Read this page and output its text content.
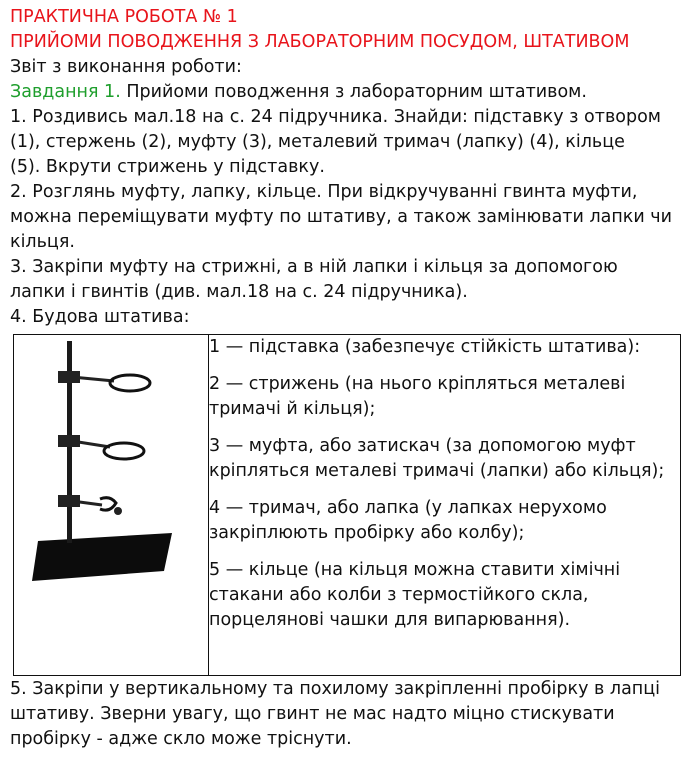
ПРАКТИЧНА РОБОТА № 1
ПРИЙОМИ ПОВОДЖЕННЯ З ЛАБОРАТОРНИМ ПОСУДОМ, ШТАТИВОМ
Звіт з виконання роботи:
Завдання 1. Прийоми поводження з лабораторним штативом.
1. Роздивись мал.18 на с. 24 підручника. Знайди: підставку з отвором
(1), стержень (2), муфту (3), металевий тримач (лапку) (4), кільце
(5). Вкрути стрижень у підставку.
2. Розглянь муфту, лапку, кільце. При відкручуванні гвинта муфти,
можна переміщувати муфту по штативу, а також замінювати лапки чи
кільця.
3. Закріпи муфту на стрижні, а в ній лапки і кільця за допомогою
лапки і гвинтів (див. мал.18 на с. 24 підручника).
4. Будова штатива:

1 — підставка (забезпечує стійкість штатива):
2 — стрижень (на нього кріпляться металеві тримачі й кільця);
3 — муфта, або затискач (за допомогою муфт кріпляться металеві тримачі (лапки) або кільця);
4 — тримач, або лапка (у лапках нерухомо закріплюють пробірку або колбу);
5 — кільце (на кільця можна ставити хімічні стакани або колби з термостійкого скла, порцелянові чашки для випарювання).
5. Закріпи у вертикальному та похилому закріпленні пробірку в лапці
штативу. Зверни увагу, що гвинт не мас надто міцно стискувати
пробірку - адже скло може тріснути.
